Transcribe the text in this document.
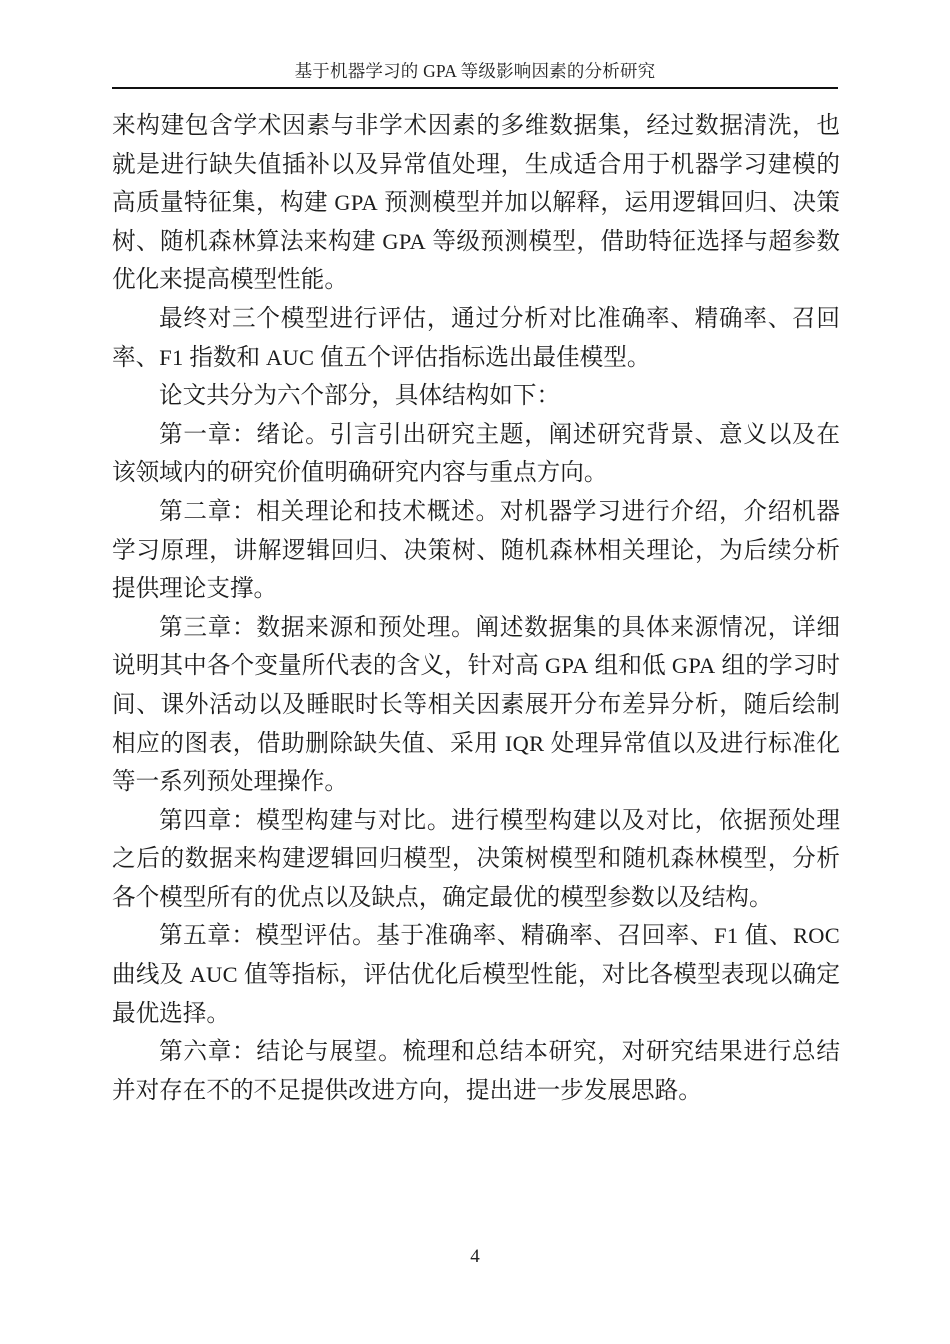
基于机器学习的 GPA 等级影响因素的分析研究

来构建包含学术因素与非学术因素的多维数据集，经过数据清洗，也就是进行缺失值插补以及异常值处理，生成适合用于机器学习建模的高质量特征集，构建 GPA 预测模型并加以解释，运用逻辑回归、决策树、随机森林算法来构建 GPA 等级预测模型，借助特征选择与超参数优化来提高模型性能。

最终对三个模型进行评估，通过分析对比准确率、精确率、召回率、F1 指数和 AUC 值五个评估指标选出最佳模型。

论文共分为六个部分，具体结构如下：

第一章：绪论。引言引出研究主题，阐述研究背景、意义以及在该领域内的研究价值明确研究内容与重点方向。

第二章：相关理论和技术概述。对机器学习进行介绍，介绍机器学习原理，讲解逻辑回归、决策树、随机森林相关理论，为后续分析提供理论支撑。

第三章：数据来源和预处理。阐述数据集的具体来源情况，详细说明其中各个变量所代表的含义，针对高 GPA 组和低 GPA 组的学习时间、课外活动以及睡眠时长等相关因素展开分布差异分析，随后绘制相应的图表，借助删除缺失值、采用 IQR 处理异常值以及进行标准化等一系列预处理操作。

第四章：模型构建与对比。进行模型构建以及对比，依据预处理之后的数据来构建逻辑回归模型，决策树模型和随机森林模型，分析各个模型所有的优点以及缺点，确定最优的模型参数以及结构。

第五章：模型评估。基于准确率、精确率、召回率、F1 值、ROC 曲线及 AUC 值等指标，评估优化后模型性能，对比各模型表现以确定最优选择。

第六章：结论与展望。梳理和总结本研究，对研究结果进行总结并对存在不的不足提供改进方向，提出进一步发展思路。

4
